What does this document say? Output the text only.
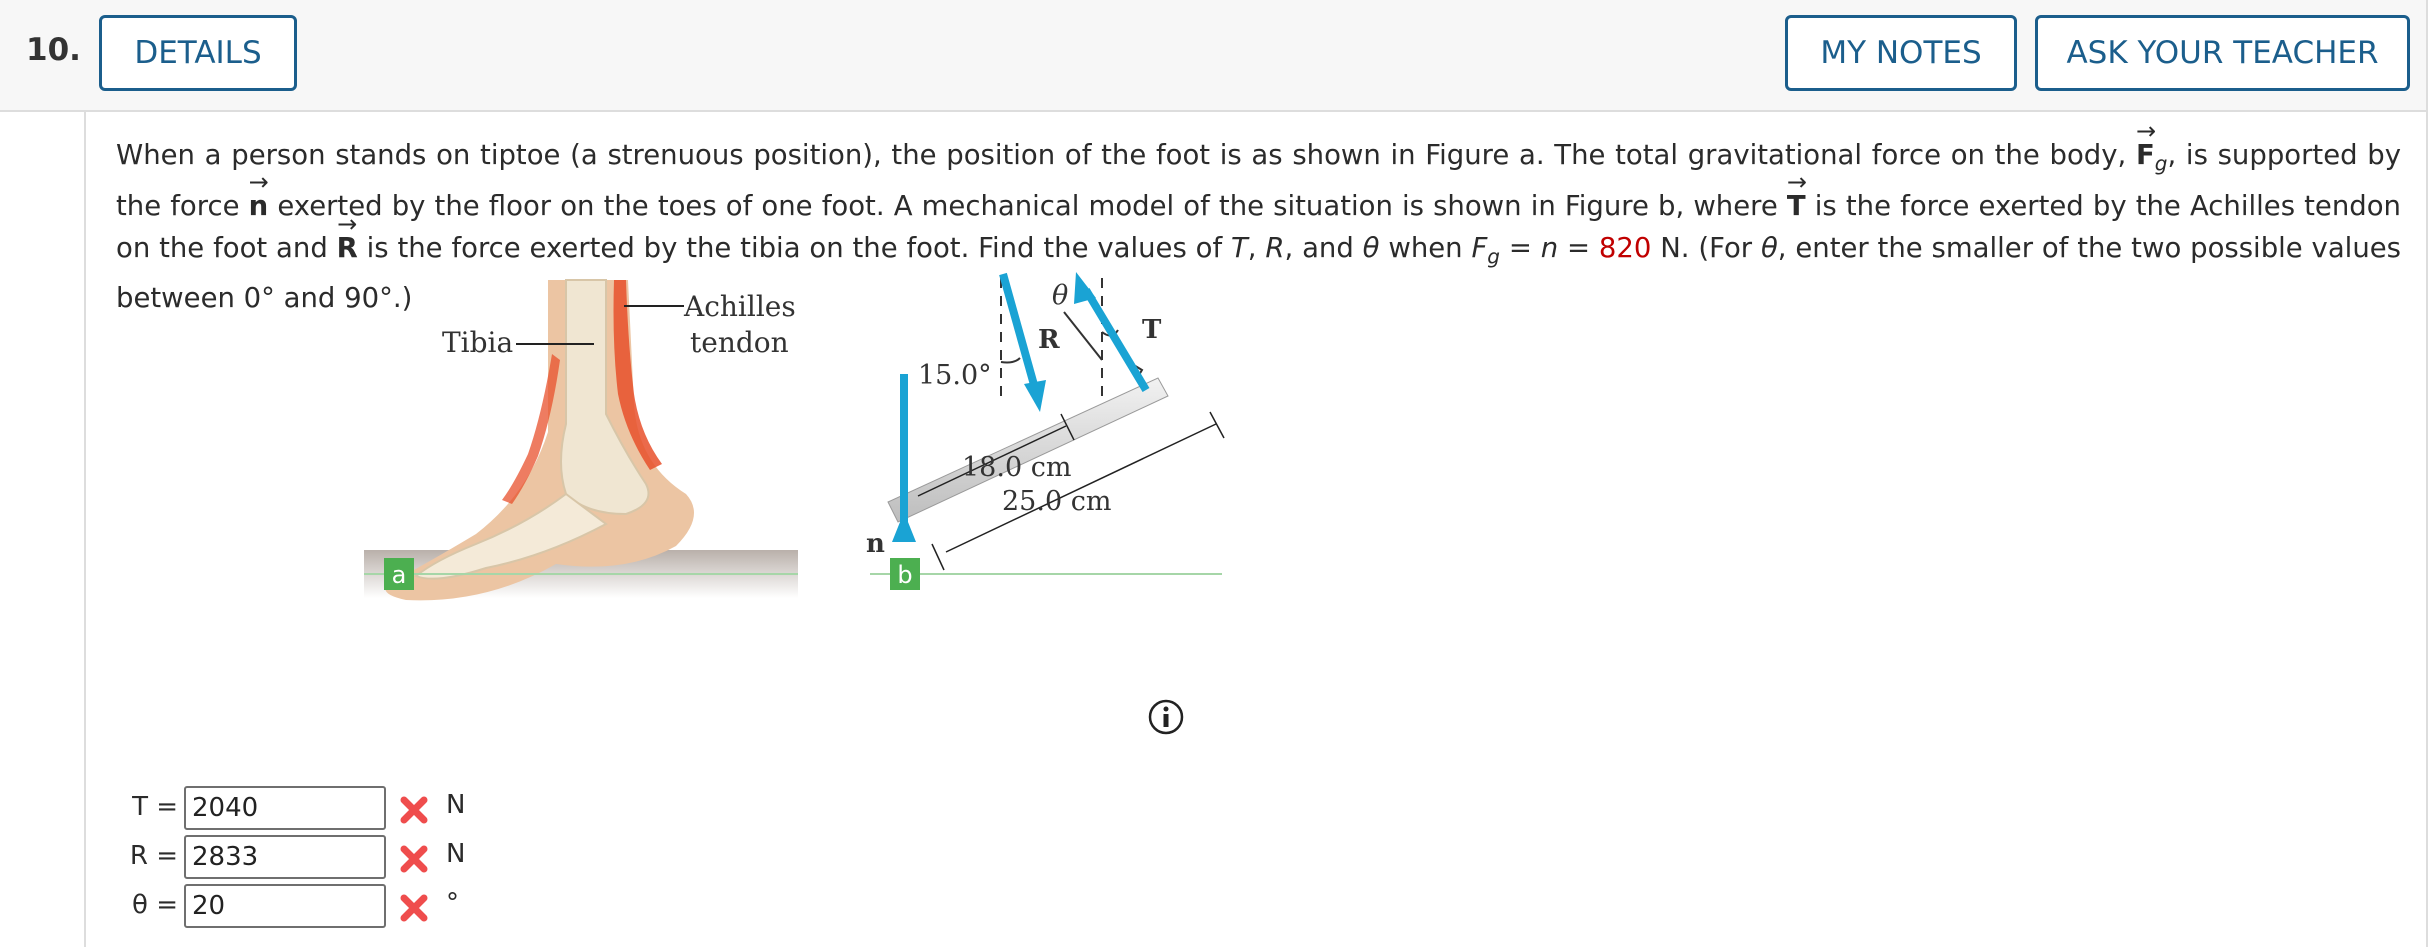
10.	DETAILS	MY NOTES	ASK YOUR TEACHER
When a person stands on tiptoe (a strenuous position), the position of the foot is as shown in Figure a. The total gravitational force on the body, → $F_g$, is supported by the force → n exerted by the floor on the toes of one foot. A mechanical model of the situation is shown in Figure b, where → T is the force exerted by the Achilles tendon on the foot and → R is the force exerted by the tibia on the foot. Find the values of T, R, and θ when $F_g = n = 820$ N. (For θ, enter the smaller of the two possible values between 0° and 90°.)
Tibia
Achilles
tendon
15.0°
θ
R	T
n
18.0 cm
25.0 cm
a	b
T =
2040	N
R =
2833	N
θ =
20	°
